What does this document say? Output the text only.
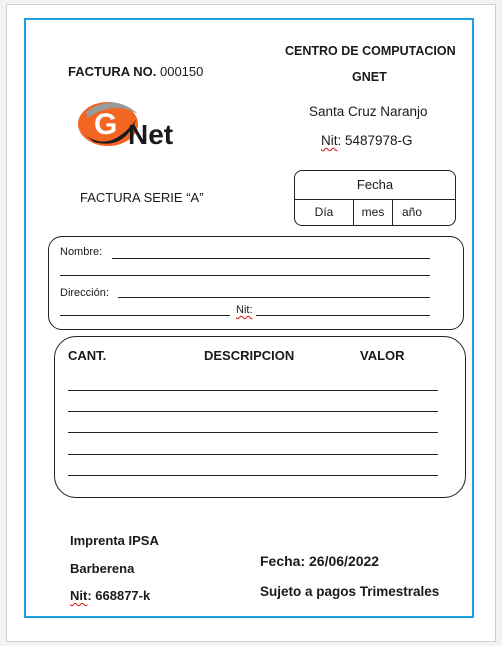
FACTURA NO. 000150
CENTRO DE COMPUTACION
GNET
Santa Cruz Naranjo
Nit: 5487978-G
G Net
FACTURA SERIE “A”
Fecha
Día	mes	año
Nombre:
Dirección:
Nit:
CANT.	DESCRIPCION	VALOR
Imprenta IPSA
Barberena
Nit: 668877-k
Fecha: 26/06/2022
Sujeto a pagos Trimestrales
